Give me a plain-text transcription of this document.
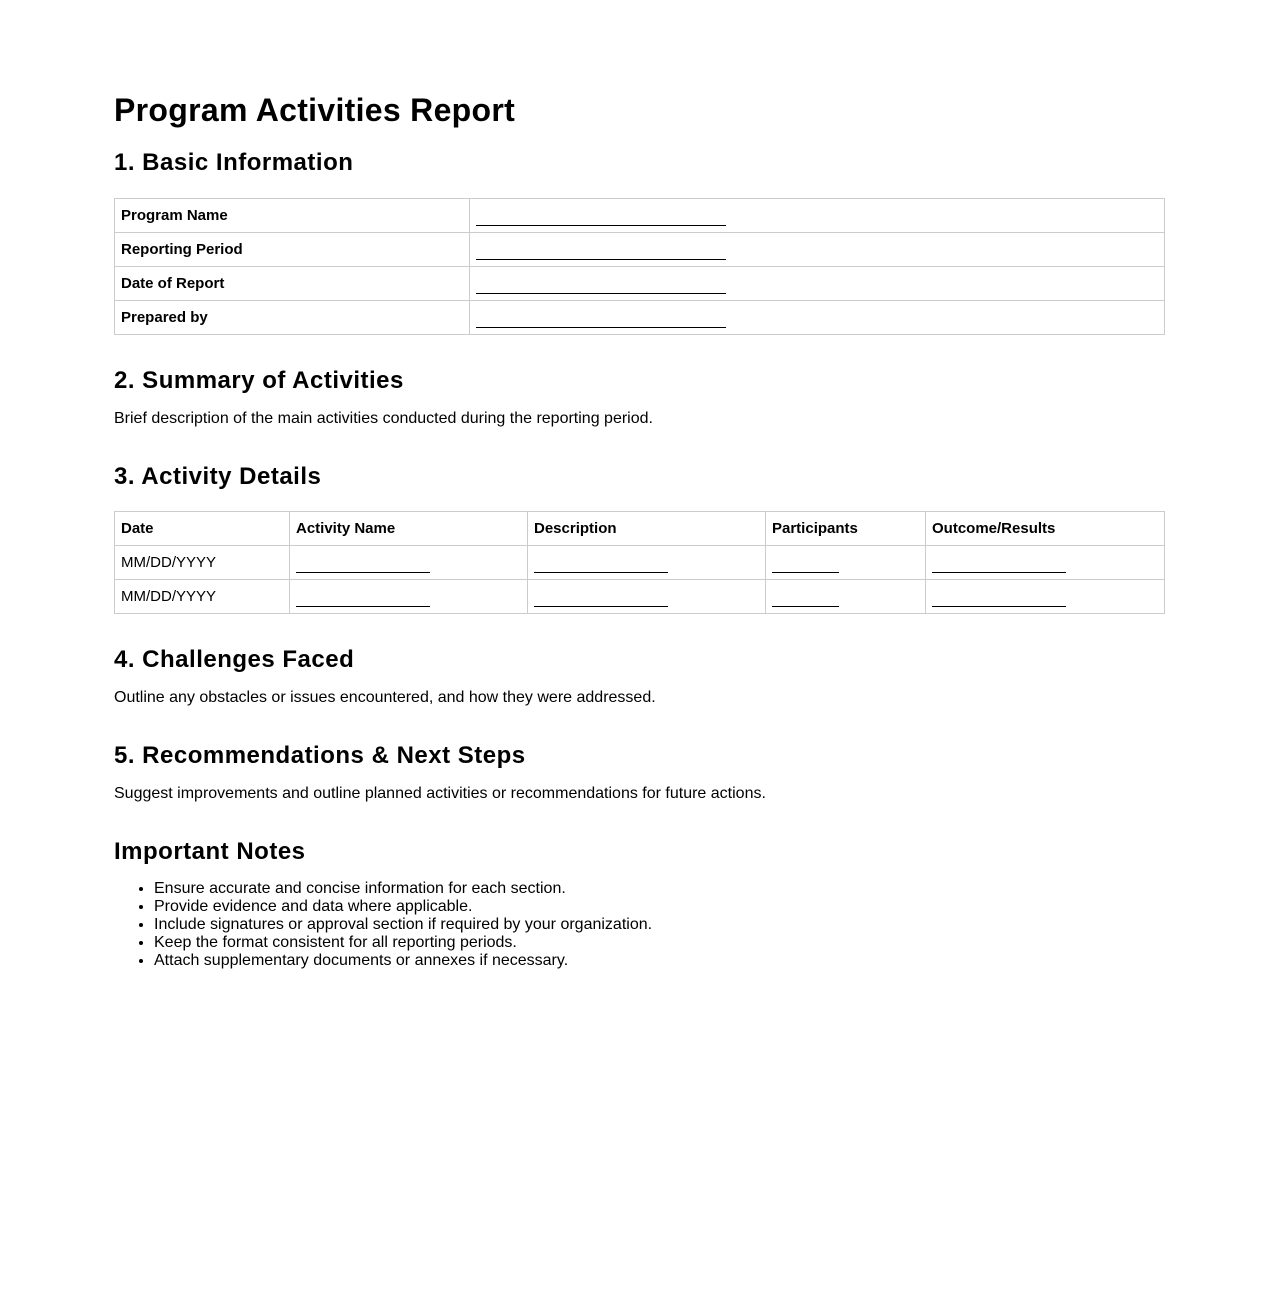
Program Activities Report
1. Basic Information
Program Name	
Reporting Period	
Date of Report	
Prepared by	
2. Summary of Activities

Brief description of the main activities conducted during the reporting period.

3. Activity Details
Date	Activity Name	Description	Participants	Outcome/Results
MM/DD/YYYY				
MM/DD/YYYY				
4. Challenges Faced

Outline any obstacles or issues encountered, and how they were addressed.

5. Recommendations & Next Steps

Suggest improvements and outline planned activities or recommendations for future actions.

Important Notes
• Ensure accurate and concise information for each section.
• Provide evidence and data where applicable.
• Include signatures or approval section if required by your organization.
• Keep the format consistent for all reporting periods.
• Attach supplementary documents or annexes if necessary.
